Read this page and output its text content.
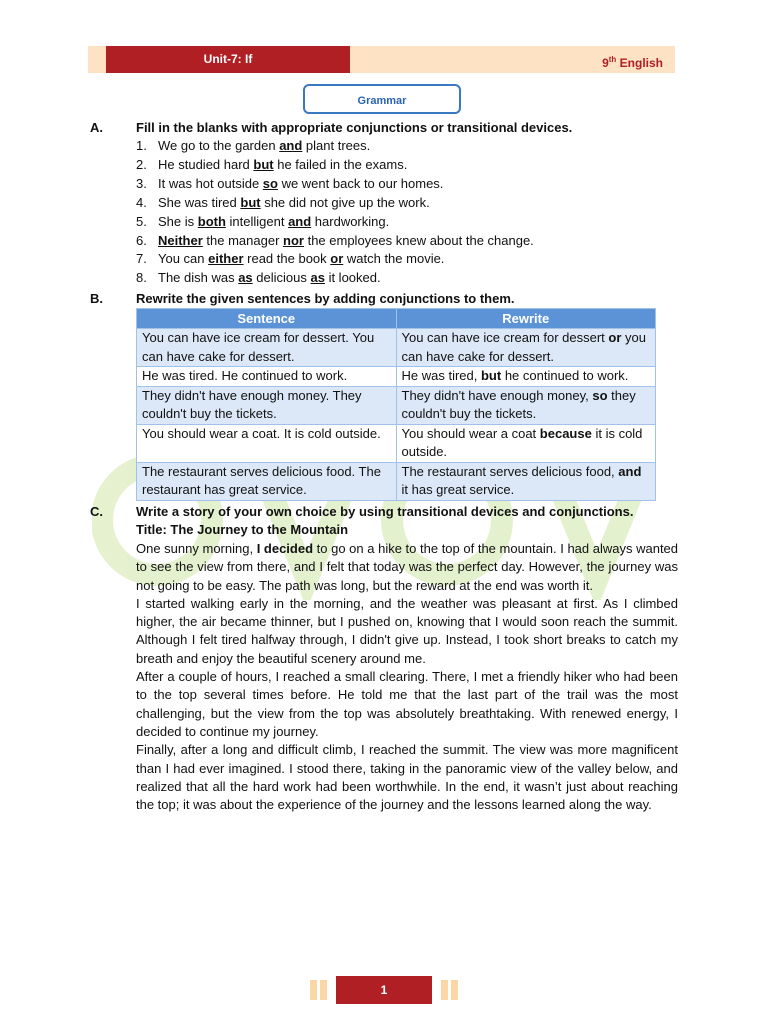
Unit-7: If	9th English
Grammar
A.	Fill in the blanks with appropriate conjunctions or transitional devices.
1. We go to the garden and plant trees.
2. He studied hard but he failed in the exams.
3. It was hot outside so we went back to our homes.
4. She was tired but she did not give up the work.
5. She is both intelligent and hardworking.
6. Neither the manager nor the employees knew about the change.
7. You can either read the book or watch the movie.
8. The dish was as delicious as it looked.
B.	Rewrite the given sentences by adding conjunctions to them.
Sentence	Rewrite
You can have ice cream for dessert. You can have cake for dessert.	You can have ice cream for dessert or you can have cake for dessert.
He was tired. He continued to work.	He was tired, but he continued to work.
They didn't have enough money. They couldn't buy the tickets.	They didn't have enough money, so they couldn't buy the tickets.
You should wear a coat. It is cold outside.	You should wear a coat because it is cold outside.
The restaurant serves delicious food. The restaurant has great service.	The restaurant serves delicious food, and it has great service.
C.	Write a story of your own choice by using transitional devices and conjunctions.
Title: The Journey to the Mountain

One sunny morning, I decided to go on a hike to the top of the mountain. I had always wanted to see the view from there, and I felt that today was the perfect day. However, the journey was not going to be easy. The path was long, but the reward at the end was worth it.

I started walking early in the morning, and the weather was pleasant at first. As I climbed higher, the air became thinner, but I pushed on, knowing that I would soon reach the summit. Although I felt tired halfway through, I didn't give up. Instead, I took short breaks to catch my breath and enjoy the beautiful scenery around me.

After a couple of hours, I reached a small clearing. There, I met a friendly hiker who had been to the top several times before. He told me that the last part of the trail was the most challenging, but the view from the top was absolutely breathtaking. With renewed energy, I decided to continue my journey.

Finally, after a long and difficult climb, I reached the summit. The view was more magnificent than I had ever imagined. I stood there, taking in the panoramic view of the valley below, and realized that all the hard work had been worthwhile. In the end, it wasn’t just about reaching the top; it was about the experience of the journey and the lessons learned along the way.

1
